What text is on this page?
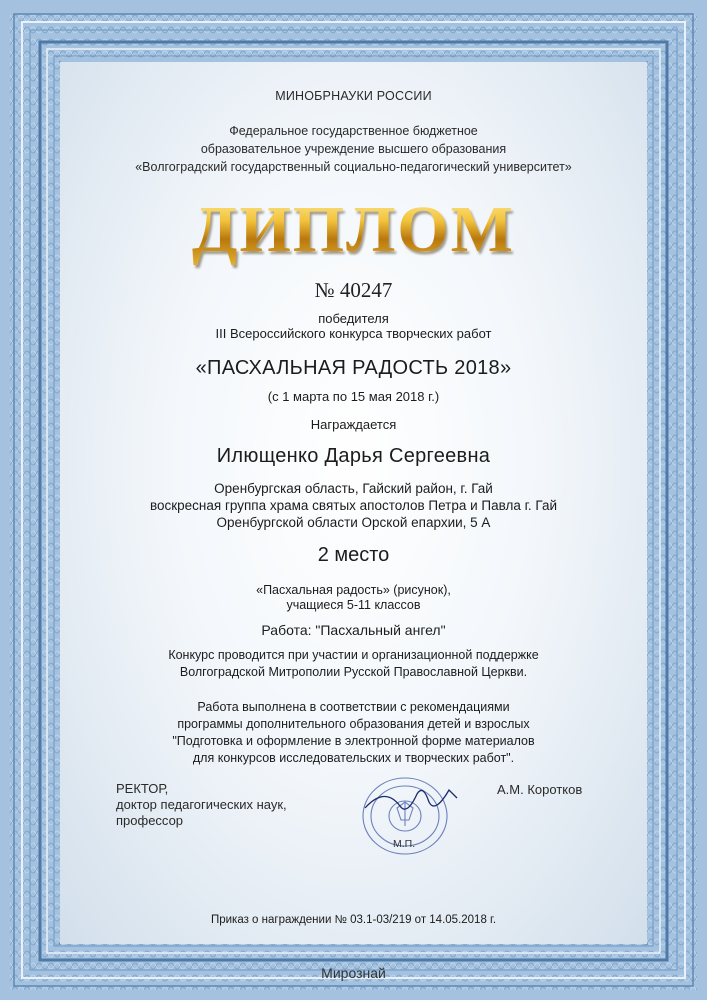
МИНОБРНАУКИ РОССИИ
Федеральное государственное бюджетное
образовательное учреждение высшего образования
«Волгоградский государственный социально-педагогический университет»
ДИПЛОМ
№ 40247
победителя
III Всероссийского конкурса творческих работ
«ПАСХАЛЬНАЯ РАДОСТЬ 2018»
(с 1 марта по 15 мая 2018 г.)
Награждается
Илющенко Дарья Сергеевна
Оренбургская область, Гайский район, г. Гай
воскресная группа храма святых апостолов Петра и Павла г. Гай
Оренбургской области Орской епархии, 5 А
2 место
«Пасхальная радость» (рисунок),
учащиеся 5-11 классов
Работа: "Пасхальный ангел"
Конкурс проводится при участии и организационной поддержке
Волгоградской Митрополии Русской Православной Церкви.
Работа выполнена в соответствии с рекомендациями
программы дополнительного образования детей и взрослых
"Подготовка и оформление в электронной форме материалов
для конкурсов исследовательских и творческих работ".
РЕКТОР,
доктор педагогических наук,
профессор
М.П.
А.М. Коротков
Приказ о награждении № 03.1-03/219 от 14.05.2018 г.
Мирознай
